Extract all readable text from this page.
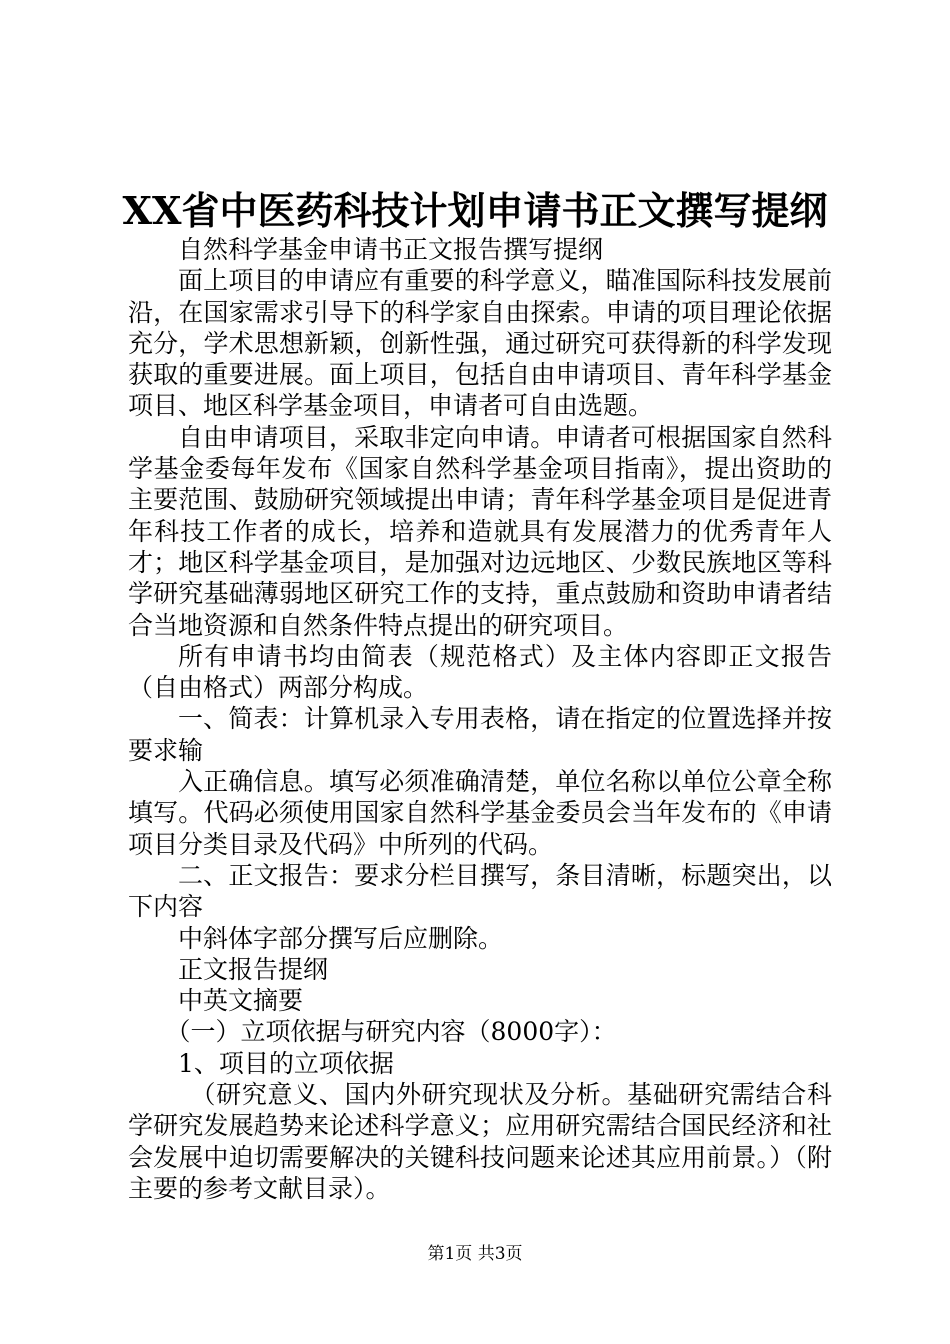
XX省中医药科技计划申请书正文撰写提纲

自然科学基金申请书正文报告撰写提纲

面上项目的申请应有重要的科学意义，瞄准国际科技发展前沿，在国家需求引导下的科学家自由探索。申请的项目理论依据充分，学术思想新颖，创新性强，通过研究可获得新的科学发现获取的重要进展。面上项目，包括自由申请项目、青年科学基金项目、地区科学基金项目，申请者可自由选题。

自由申请项目，采取非定向申请。申请者可根据国家自然科学基金委每年发布《国家自然科学基金项目指南》，提出资助的主要范围、鼓励研究领域提出申请；青年科学基金项目是促进青年科技工作者的成长，培养和造就具有发展潜力的优秀青年人才；地区科学基金项目，是加强对边远地区、少数民族地区等科学研究基础薄弱地区研究工作的支持，重点鼓励和资助申请者结合当地资源和自然条件特点提出的研究项目。

所有申请书均由简表（规范格式）及主体内容即正文报告（自由格式）两部分构成。

一、简表：计算机录入专用表格，请在指定的位置选择并按要求输

入正确信息。填写必须准确清楚，单位名称以单位公章全称填写。代码必须使用国家自然科学基金委员会当年发布的《申请项目分类目录及代码》中所列的代码。

二、正文报告：要求分栏目撰写，条目清晰，标题突出，以下内容

中斜体字部分撰写后应删除。

正文报告提纲

中英文摘要

（一）立项依据与研究内容（8000字）：

1、项目的立项依据

（研究意义、国内外研究现状及分析。基础研究需结合科学研究发展趋势来论述科学意义；应用研究需结合国民经济和社会发展中迫切需要解决的关键科技问题来论述其应用前景。）（附主要的参考文献目录）。

第1页 共3页
